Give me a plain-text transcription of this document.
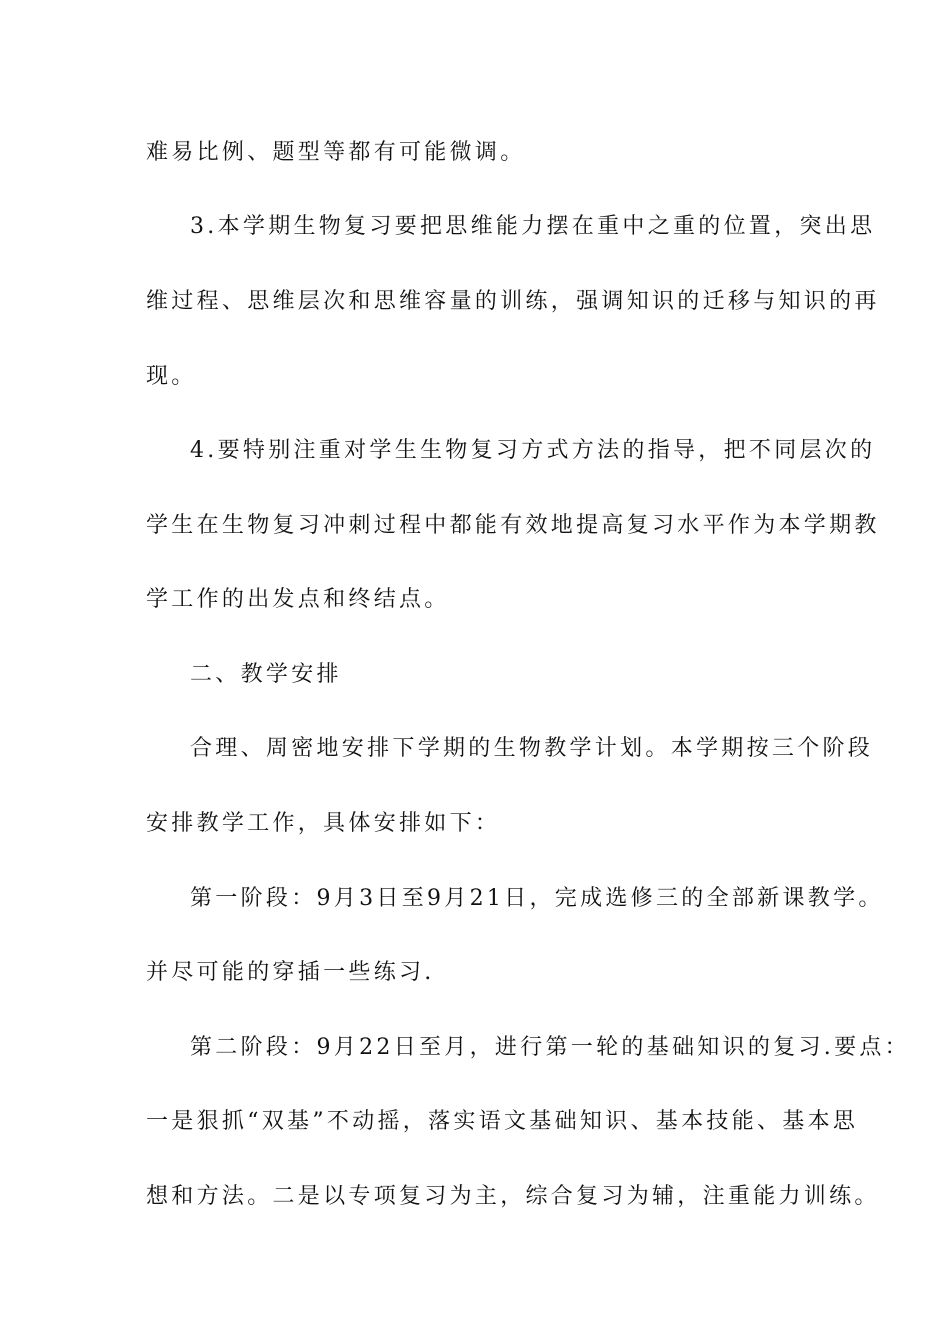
难易比例、题型等都有可能微调。
3.本学期生物复习要把思维能力摆在重中之重的位置，突出思
维过程、思维层次和思维容量的训练，强调知识的迁移与知识的再
现。
4.要特别注重对学生生物复习方式方法的指导，把不同层次的
学生在生物复习冲刺过程中都能有效地提高复习水平作为本学期教
学工作的出发点和终结点。
二、教学安排
合理、周密地安排下学期的生物教学计划。本学期按三个阶段
安排教学工作，具体安排如下：
第一阶段：9月3日至9月21日，完成选修三的全部新课教学。
并尽可能的穿插一些练习.
第二阶段：9月22日至月，进行第一轮的基础知识的复习.要点：
一是狠抓“双基”不动摇，落实语文基础知识、基本技能、基本思
想和方法。二是以专项复习为主，综合复习为辅，注重能力训练。
